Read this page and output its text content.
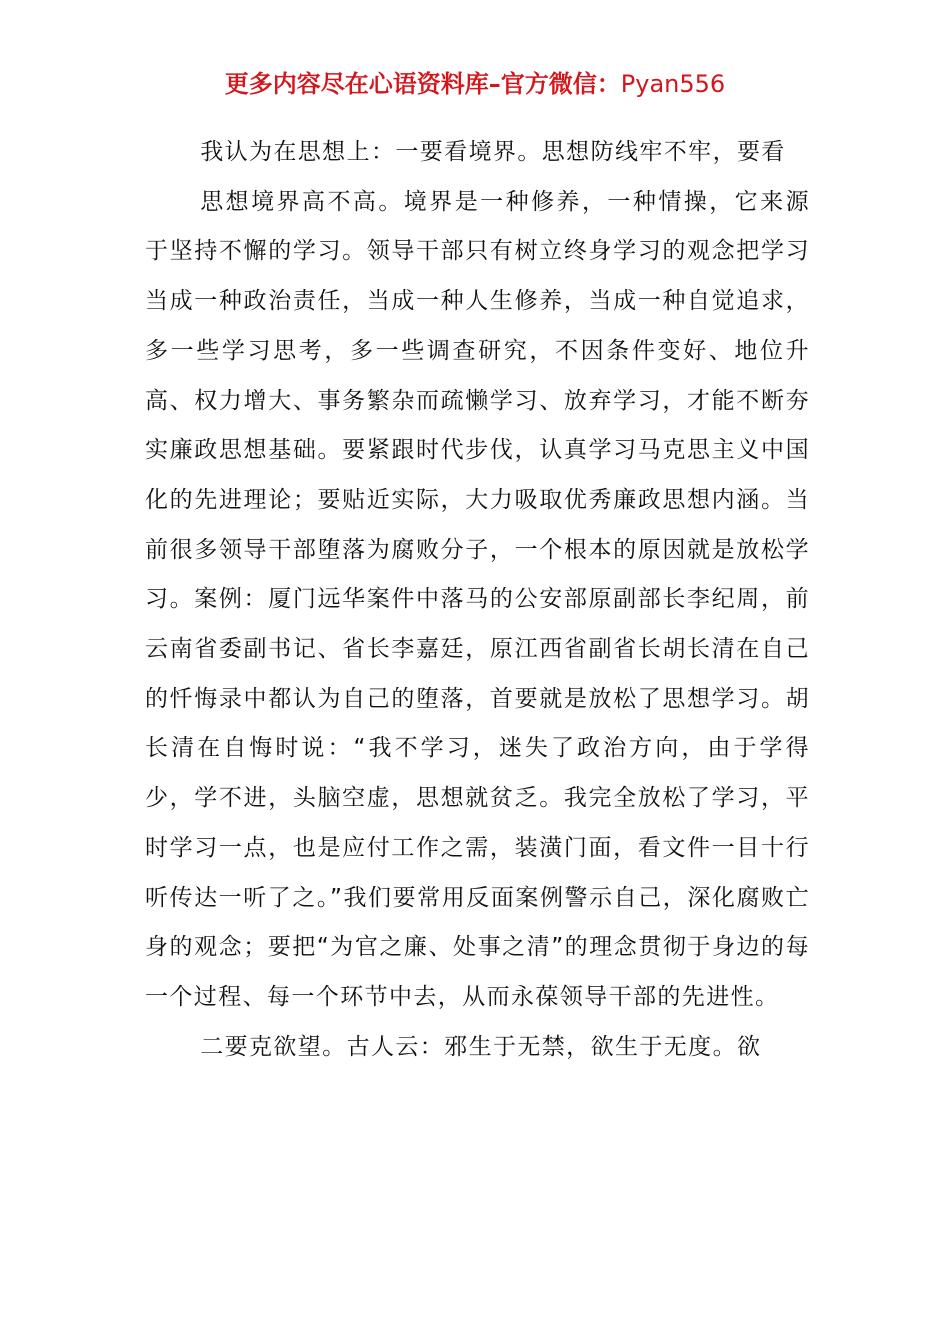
更多内容尽在心语资料库–官方微信：Pyan556

我认为在思想上：一要看境界。思想防线牢不牢，要看

思想境界高不高。境界是一种修养，一种情操，它来源于坚持不懈的学习。领导干部只有树立终身学习的观念把学习当成一种政治责任，当成一种人生修养，当成一种自觉追求，多一些学习思考，多一些调查研究，不因条件变好、地位升高、权力增大、事务繁杂而疏懒学习、放弃学习，才能不断夯实廉政思想基础。要紧跟时代步伐，认真学习马克思主义中国化的先进理论；要贴近实际，大力吸取优秀廉政思想内涵。当前很多领导干部堕落为腐败分子，一个根本的原因就是放松学习。案例：厦门远华案件中落马的公安部原副部长李纪周，前云南省委副书记、省长李嘉廷，原江西省副省长胡长清在自己的忏悔录中都认为自己的堕落，首要就是放松了思想学习。胡长清在自悔时说：“我不学习，迷失了政治方向，由于学得少，学不进，头脑空虚，思想就贫乏。我完全放松了学习，平时学习一点，也是应付工作之需，装潢门面，看文件一目十行听传达一听了之。”我们要常用反面案例警示自己，深化腐败亡身的观念；要把“为官之廉、处事之清”的理念贯彻于身边的每一个过程、每一个环节中去，从而永葆领导干部的先进性。

二要克欲望。古人云：邪生于无禁，欲生于无度。欲
